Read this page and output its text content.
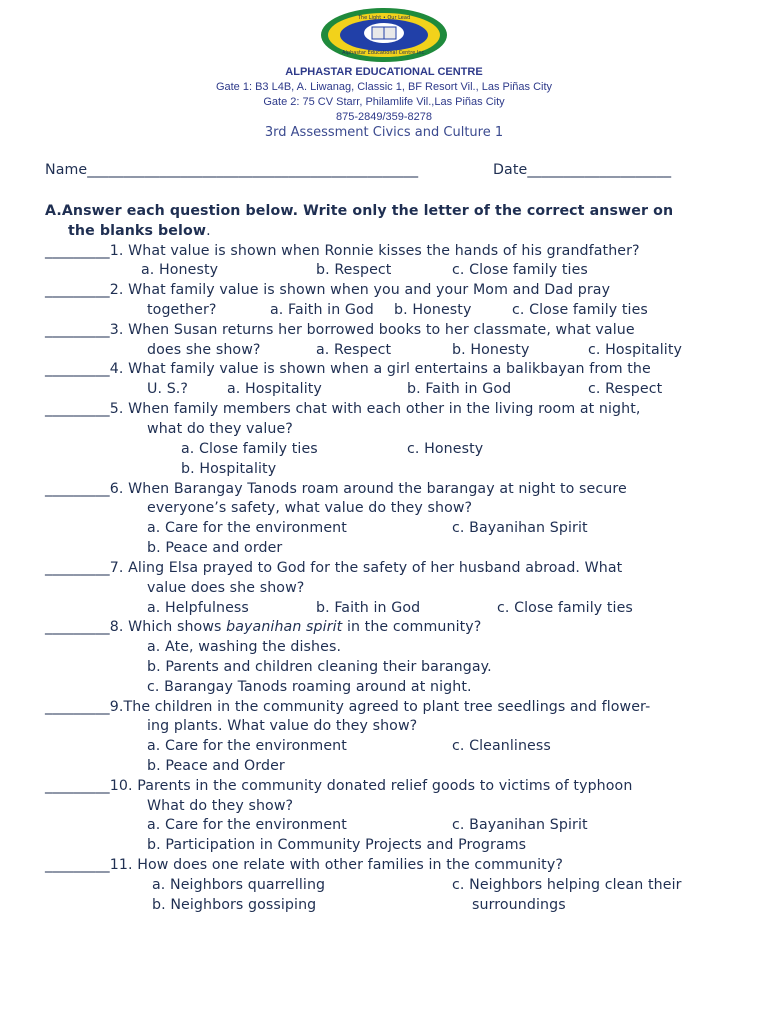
The Light • Our Lead
Alphastar Educational Centre Inc.
ALPHASTAR EDUCATIONAL CENTRE
Gate 1: B3 L4B, A. Liwanag, Classic 1, BF Resort Vil., Las Piñas City
Gate 2: 75 CV Starr, Philamlife Vil.,Las Piñas City
875-2849/359-8278
3rd Assessment Civics and Culture 1
Name______________________________________________	Date____________________
A.Answer each question below. Write only the letter of the correct answer on
the blanks below.
_________1. What value is shown when Ronnie kisses the hands of his grandfather?
a. Honesty	b. Respect	c. Close family ties
_________2. What family value is shown when you and your Mom and Dad pray
together?	a. Faith in God b. Honesty	c. Close family ties
_________3. When Susan returns her borrowed books to her classmate, what value
does she show?	a. Respect	b. Honesty	c. Hospitality
_________4. What family value is shown when a girl entertains a balikbayan from the
U. S.?	a. Hospitality	b. Faith in God	c. Respect
_________5. When family members chat with each other in the living room at night,
what do they value?
a. Close family ties	c. Honesty
b. Hospitality
_________6. When Barangay Tanods roam around the barangay at night to secure
everyone’s safety, what value do they show?
a. Care for the environment	c. Bayanihan Spirit
b. Peace and order
_________7. Aling Elsa prayed to God for the safety of her husband abroad. What
value does she show?
a. Helpfulness	b. Faith in God	c. Close family ties
_________8. Which shows bayanihan spirit in the community?
a. Ate, washing the dishes.
b. Parents and children cleaning their barangay.
c. Barangay Tanods roaming around at night.
_________9.The children in the community agreed to plant tree seedlings and flower-
ing plants. What value do they show?
a. Care for the environment	c. Cleanliness
b. Peace and Order
_________10. Parents in the community donated relief goods to victims of typhoon
What do they show?
a. Care for the environment	c. Bayanihan Spirit
b. Participation in Community Projects and Programs
_________11. How does one relate with other families in the community?
a. Neighbors quarrelling	c. Neighbors helping clean their
b. Neighbors gossiping	surroundings
